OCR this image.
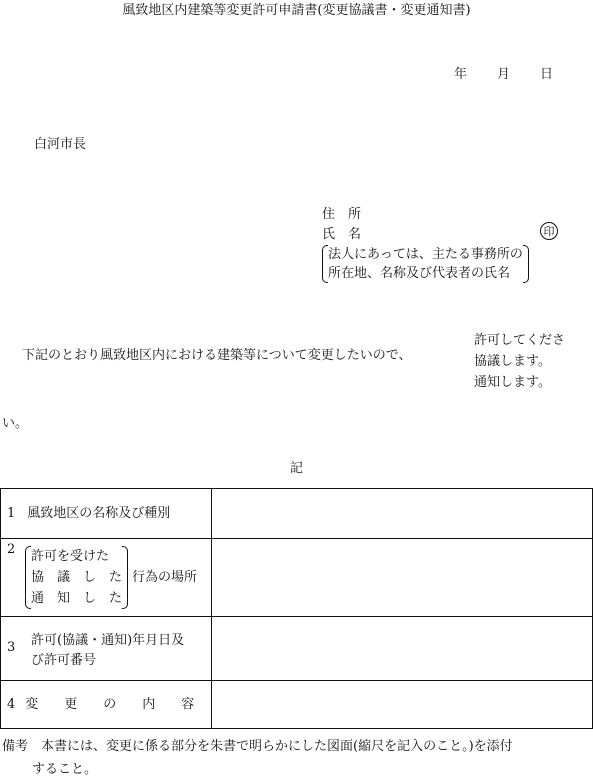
風致地区内建築等変更許可申請書(変更協議書・変更通知書)
年 月 日
白河市長
住　所
氏　名	印
法人にあっては、主たる事務所の
所在地、名称及び代表者の氏名
下記のとおり風致地区内における建築等について変更したいので、
許可してくださ
協議します。
通知します。
い。
記
1 風致地区の名称及び種別	

2 許可を受けた
協　議　し　た
通　知　し　た
行為の場所	

3 許可(協議・通知)年月日及
び許可番号	

4 変　　更　　の　　内　　容	

備考　本書には、変更に係る部分を朱書で明らかにした図面(縮尺を記入のこと。)を添付
すること。
